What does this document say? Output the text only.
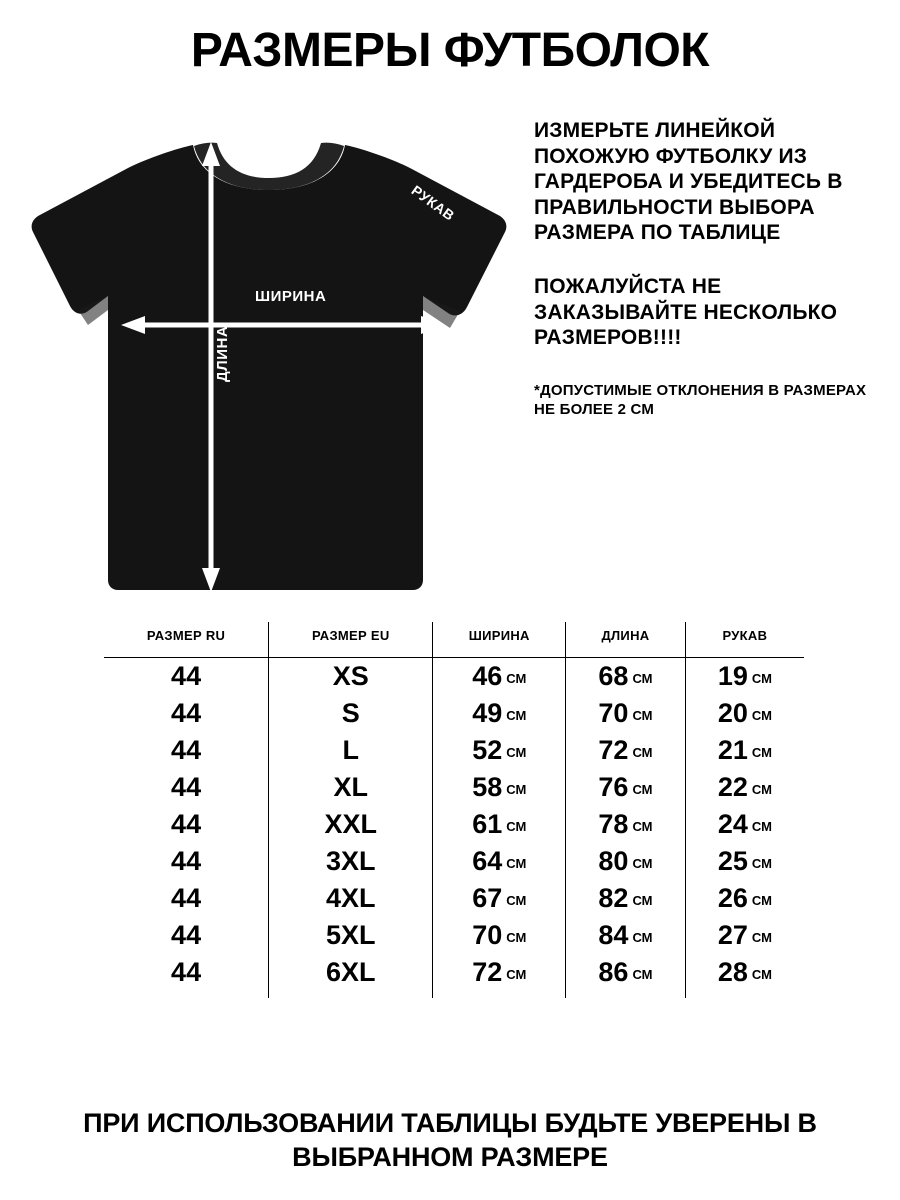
РАЗМЕРЫ ФУТБОЛОК
ШИРИНА
ДЛИНА
РУКАВ

ИЗМЕРЬТЕ ЛИНЕЙКОЙ ПОХОЖУЮ ФУТБОЛКУ ИЗ ГАРДЕРОБА И УБЕДИТЕСЬ В ПРАВИЛЬНОСТИ ВЫБОРА РАЗМЕРА ПО ТАБЛИЦЕ

ПОЖАЛУЙСТА НЕ ЗАКАЗЫВАЙТЕ НЕСКОЛЬКО РАЗМЕРОВ!!!!

*ДОПУСТИМЫЕ ОТКЛОНЕНИЯ В РАЗМЕРАХ НЕ БОЛЕЕ 2 СМ

РАЗМЕР RU	РАЗМЕР EU	ШИРИНА	ДЛИНА	РУКАВ
44	XS	46 СМ	68 СМ	19 СМ
44	S	49 СМ	70 СМ	20 СМ
44	L	52 СМ	72 СМ	21 СМ
44	XL	58 СМ	76 СМ	22 СМ
44	XXL	61 СМ	78 СМ	24 СМ
44	3XL	64 СМ	80 СМ	25 СМ
44	4XL	67 СМ	82 СМ	26 СМ
44	5XL	70 СМ	84 СМ	27 СМ
44	6XL	72 СМ	86 СМ	28 СМ
ПРИ ИСПОЛЬЗОВАНИИ ТАБЛИЦЫ БУДЬТЕ УВЕРЕНЫ В ВЫБРАННОМ РАЗМЕРЕ
